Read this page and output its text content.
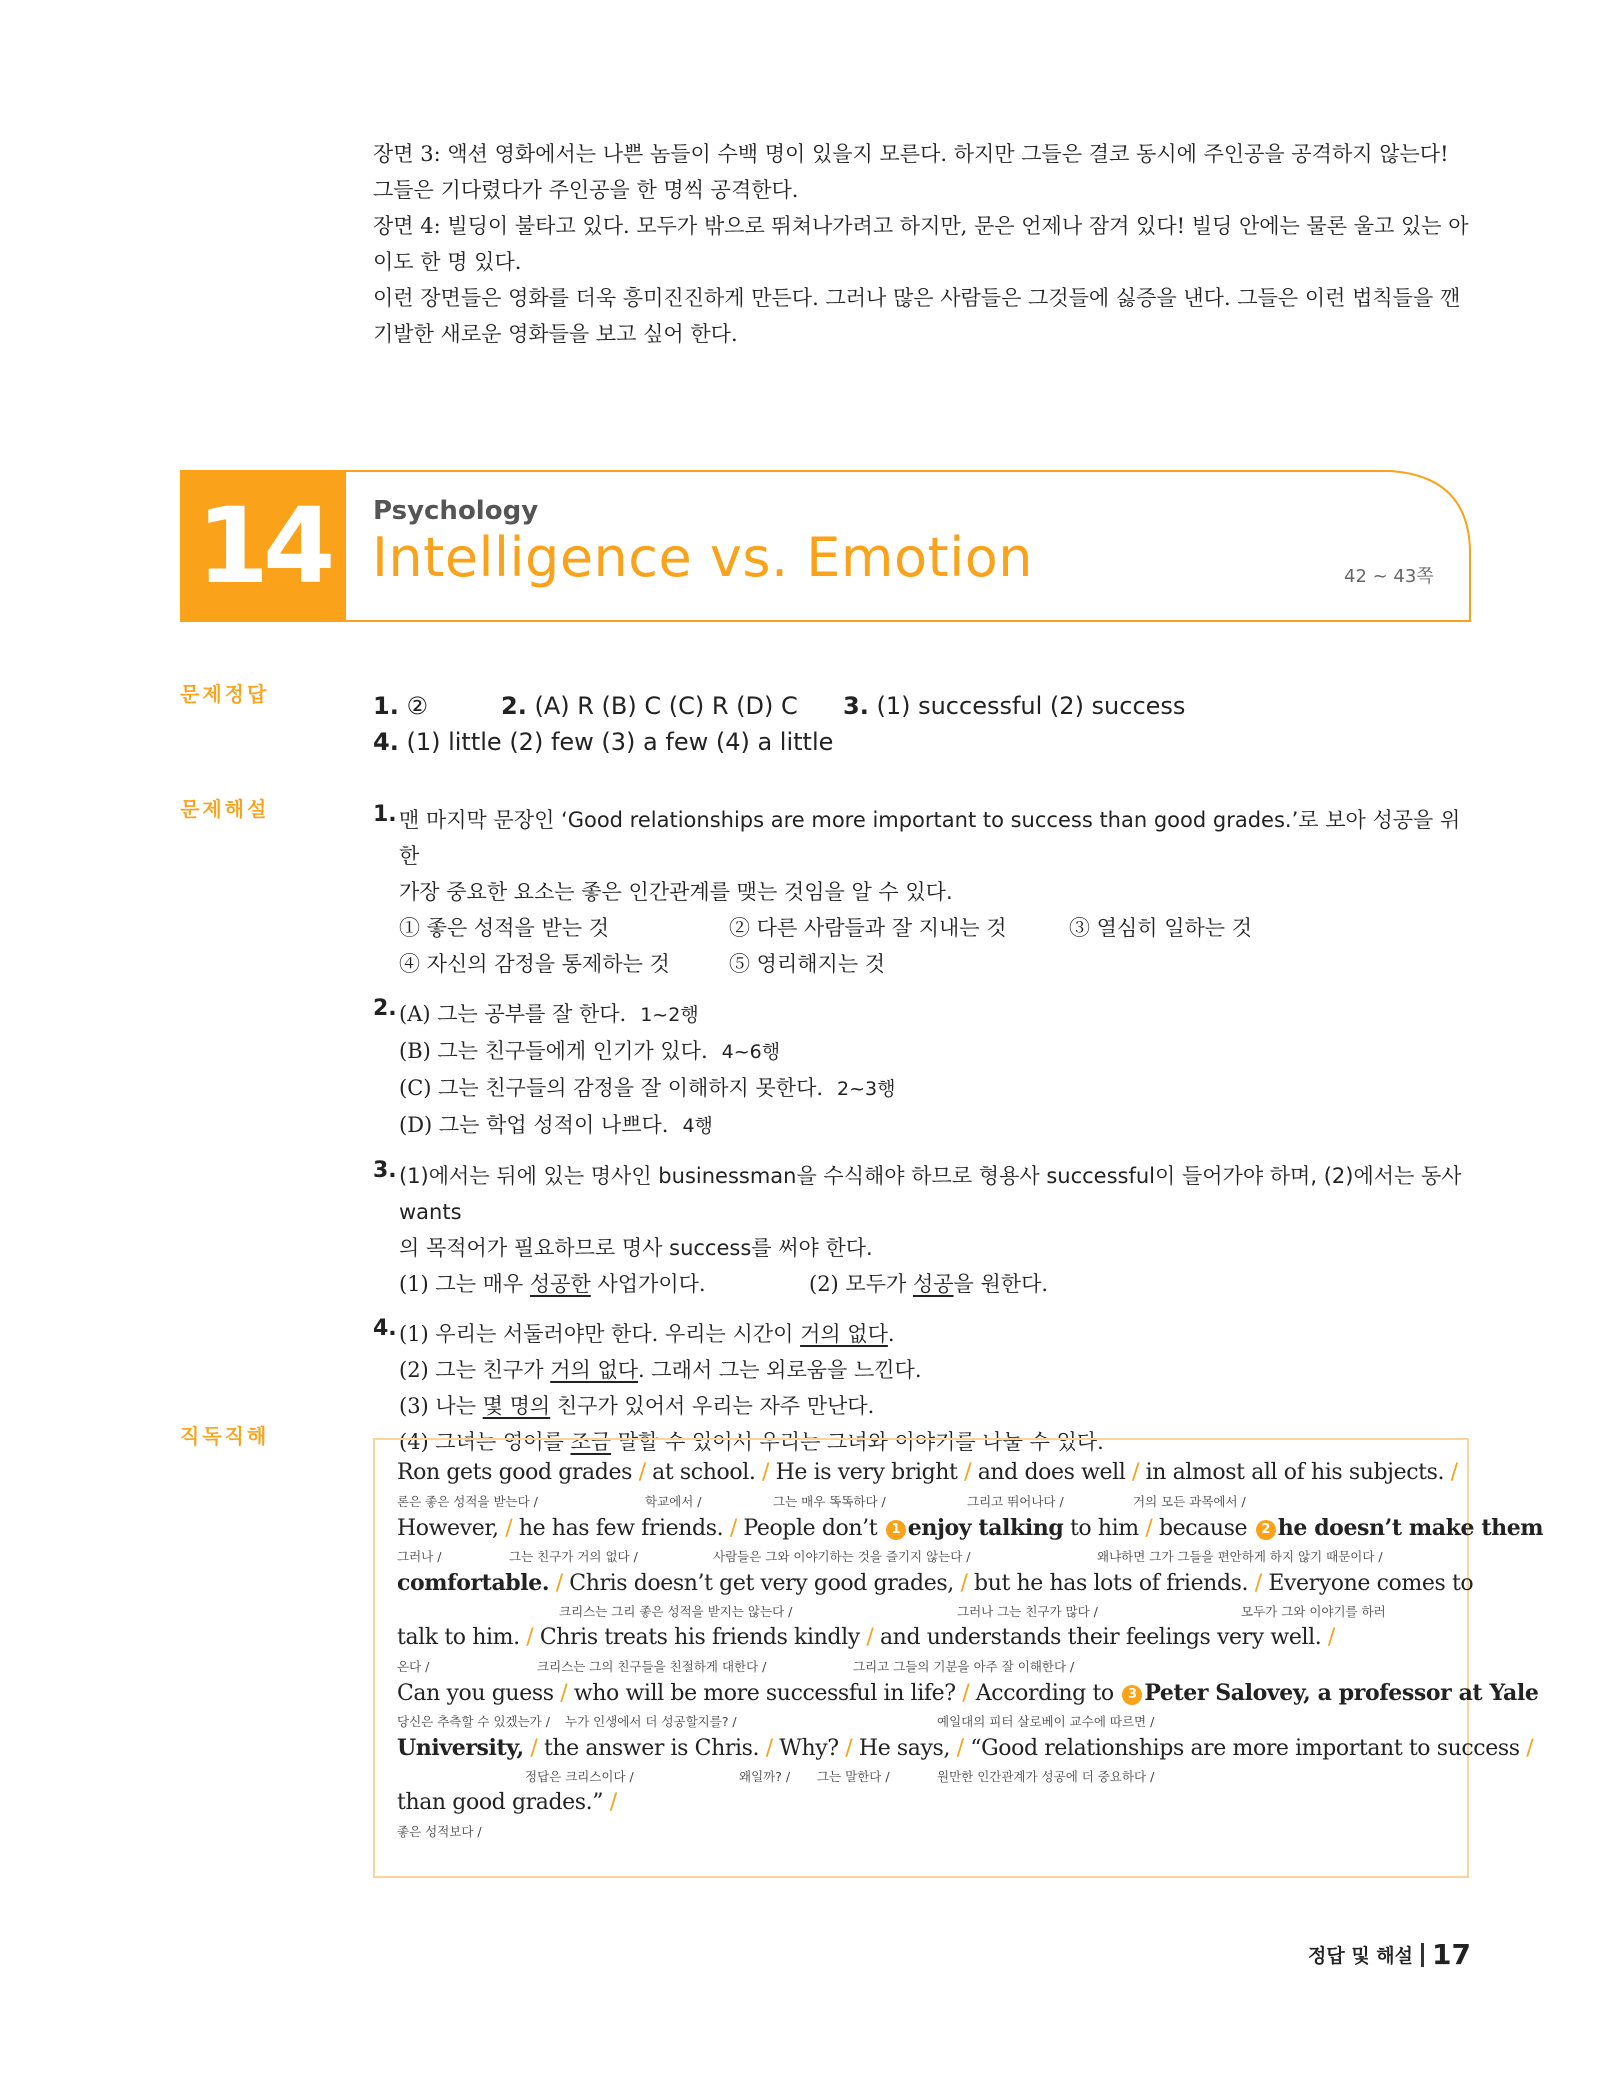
장면 3: 액션 영화에서는 나쁜 놈들이 수백 명이 있을지 모른다. 하지만 그들은 결코 동시에 주인공을 공격하지 않는다! 그들은 기다렸다가 주인공을 한 명씩 공격한다.

장면 4: 빌딩이 불타고 있다. 모두가 밖으로 뛰쳐나가려고 하지만, 문은 언제나 잠겨 있다! 빌딩 안에는 물론 울고 있는 아이도 한 명 있다.

이런 장면들은 영화를 더욱 흥미진진하게 만든다. 그러나 많은 사람들은 그것들에 싫증을 낸다. 그들은 이런 법칙들을 깬 기발한 새로운 영화들을 보고 싶어 한다.

14	Psychology
Intelligence vs. Emotion	42 ~ 43쪽
문제정답
문제해설
직독직해
1. ②	2. (A) R (B) C (C) R (D) C	3. (1) successful (2) success
4. (1) little (2) few (3) a few (4) a little
1. 맨 마지막 문장인 ‘Good relationships are more important to success than good grades.’로 보아 성공을 위한
가장 중요한 요소는 좋은 인간관계를 맺는 것임을 알 수 있다.
① 좋은 성적을 받는 것	② 다른 사람들과 잘 지내는 것	③ 열심히 일하는 것
④ 자신의 감정을 통제하는 것	⑤ 영리해지는 것
2. (A) 그는 공부를 잘 한다. 1~2행
(B) 그는 친구들에게 인기가 있다. 4~6행
(C) 그는 친구들의 감정을 잘 이해하지 못한다. 2~3행
(D) 그는 학업 성적이 나쁘다. 4행
3. (1)에서는 뒤에 있는 명사인 businessman을 수식해야 하므로 형용사 successful이 들어가야 하며, (2)에서는 동사 wants
의 목적어가 필요하므로 명사 success를 써야 한다.
(1) 그는 매우 성공한 사업가이다.	(2) 모두가 성공을 원한다.
4. (1) 우리는 서둘러야만 한다. 우리는 시간이 거의 없다.
(2) 그는 친구가 거의 없다. 그래서 그는 외로움을 느낀다.
(3) 나는 몇 명의 친구가 있어서 우리는 자주 만난다.
(4) 그녀는 영어를 조금 말할 수 있어서 우리는 그녀와 이야기를 나눌 수 있다.
Ron gets good grades / at school. / He is very bright / and does well / in almost all of his subjects. /
론은 좋은 성적을 받는다 /	학교에서 /	그는 매우 똑똑하다 /	그리고 뛰어나다 /	거의 모든 과목에서 /
However, / he has few friends. / People don’t 1 enjoy talking to him / because 2 he doesn’t make them
그러나 /	그는 친구가 거의 없다 /	사람들은 그와 이야기하는 것을 즐기지 않는다 /	왜냐하면 그가 그들을 편안하게 하지 않기 때문이다 /
comfortable. / Chris doesn’t get very good grades, / but he has lots of friends. / Everyone comes to
크리스는 그리 좋은 성적을 받지는 않는다 /	그러나 그는 친구가 많다 /	모두가 그와 이야기를 하러
talk to him. / Chris treats his friends kindly / and understands their feelings very well. /
온다 /	크리스는 그의 친구들을 친절하게 대한다 /	그리고 그들의 기분을 아주 잘 이해한다 /
Can you guess / who will be more successful in life? / According to 3 Peter Salovey, a professor at Yale
당신은 추측할 수 있겠는가 / 누가 인생에서 더 성공할지를? /	예일대의 피터 살로베이 교수에 따르면 /
University, / the answer is Chris. / Why? / He says, / “Good relationships are more important to success /
정답은 크리스이다 /	왜일까? / 그는 말한다 /	원만한 인간관계가 성공에 더 중요하다 /
than good grades.” /
좋은 성적보다 /
정답 및 해설 17
